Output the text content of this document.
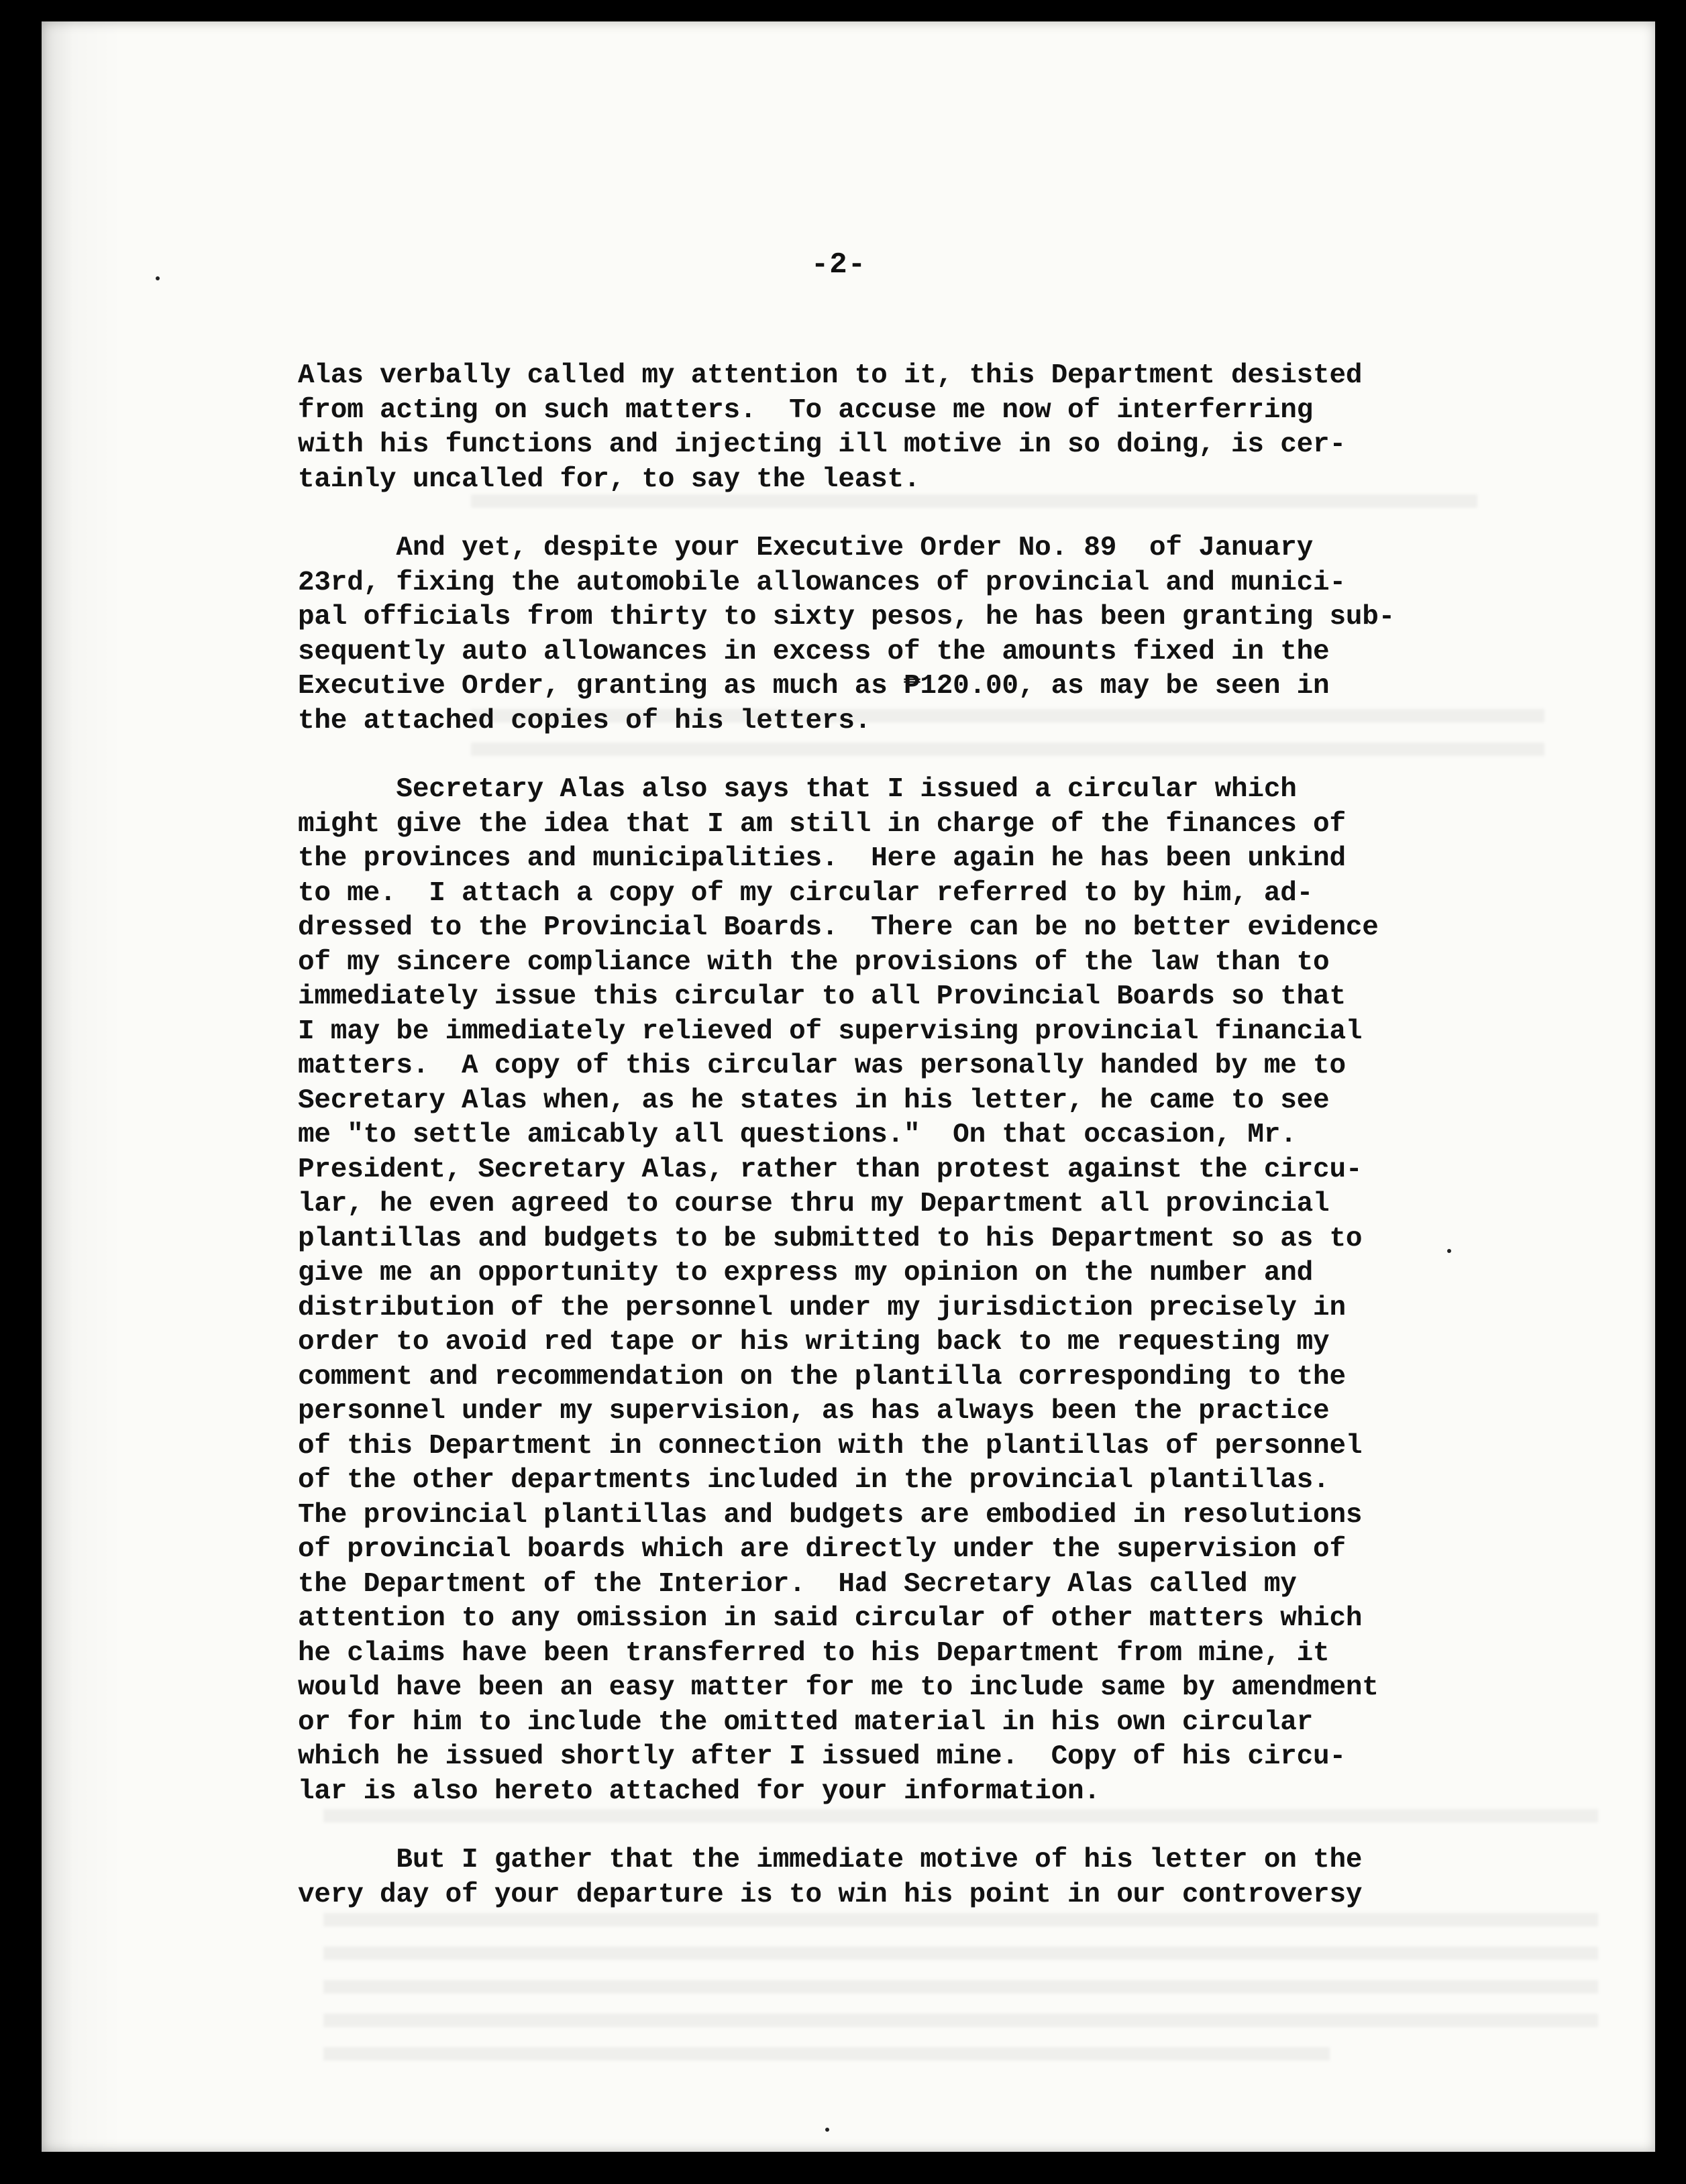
-2-
Alas verbally called my attention to it, this Department desisted
from acting on such matters.  To accuse me now of interferring
with his functions and injecting ill motive in so doing, is cer-
tainly uncalled for, to say the least.
And yet, despite your Executive Order No. 89  of January
23rd, fixing the automobile allowances of provincial and munici-
pal officials from thirty to sixty pesos, he has been granting sub-
sequently auto allowances in excess of the amounts fixed in the
Executive Order, granting as much as ₱120.00, as may be seen in
the attached copies of his letters.
Secretary Alas also says that I issued a circular which
might give the idea that I am still in charge of the finances of
the provinces and municipalities.  Here again he has been unkind
to me.  I attach a copy of my circular referred to by him, ad-
dressed to the Provincial Boards.  There can be no better evidence
of my sincere compliance with the provisions of the law than to
immediately issue this circular to all Provincial Boards so that
I may be immediately relieved of supervising provincial financial
matters.  A copy of this circular was personally handed by me to
Secretary Alas when, as he states in his letter, he came to see
me "to settle amicably all questions."  On that occasion, Mr.
President, Secretary Alas, rather than protest against the circu-
lar, he even agreed to course thru my Department all provincial
plantillas and budgets to be submitted to his Department so as to
give me an opportunity to express my opinion on the number and
distribution of the personnel under my jurisdiction precisely in
order to avoid red tape or his writing back to me requesting my
comment and recommendation on the plantilla corresponding to the
personnel under my supervision, as has always been the practice
of this Department in connection with the plantillas of personnel
of the other departments included in the provincial plantillas.
The provincial plantillas and budgets are embodied in resolutions
of provincial boards which are directly under the supervision of
the Department of the Interior.  Had Secretary Alas called my
attention to any omission in said circular of other matters which
he claims have been transferred to his Department from mine, it
would have been an easy matter for me to include same by amendment
or for him to include the omitted material in his own circular
which he issued shortly after I issued mine.  Copy of his circu-
lar is also hereto attached for your information.
But I gather that the immediate motive of his letter on the
very day of your departure is to win his point in our controversy
